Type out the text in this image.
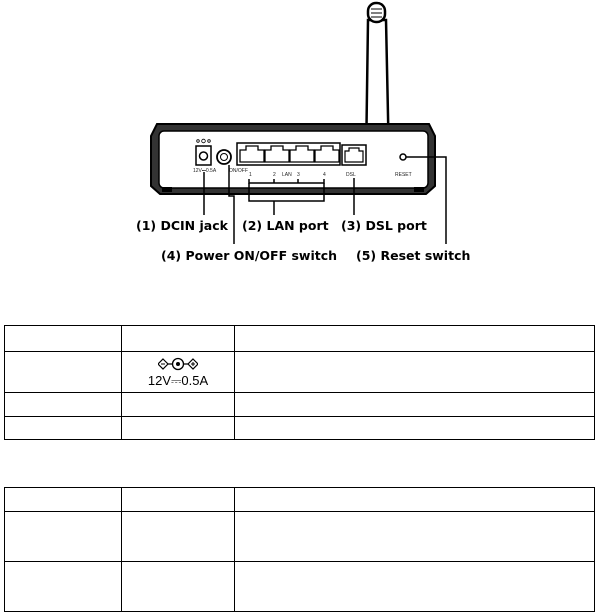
12V⎓0.5A	ON/OFF
1	2 LAN 3	4	DSL	RESET
(1) DCIN jack (2) LAN port (3) DSL port
(4) Power ON/OFF switch (5) Reset switch

	12V⎓0.5A	
